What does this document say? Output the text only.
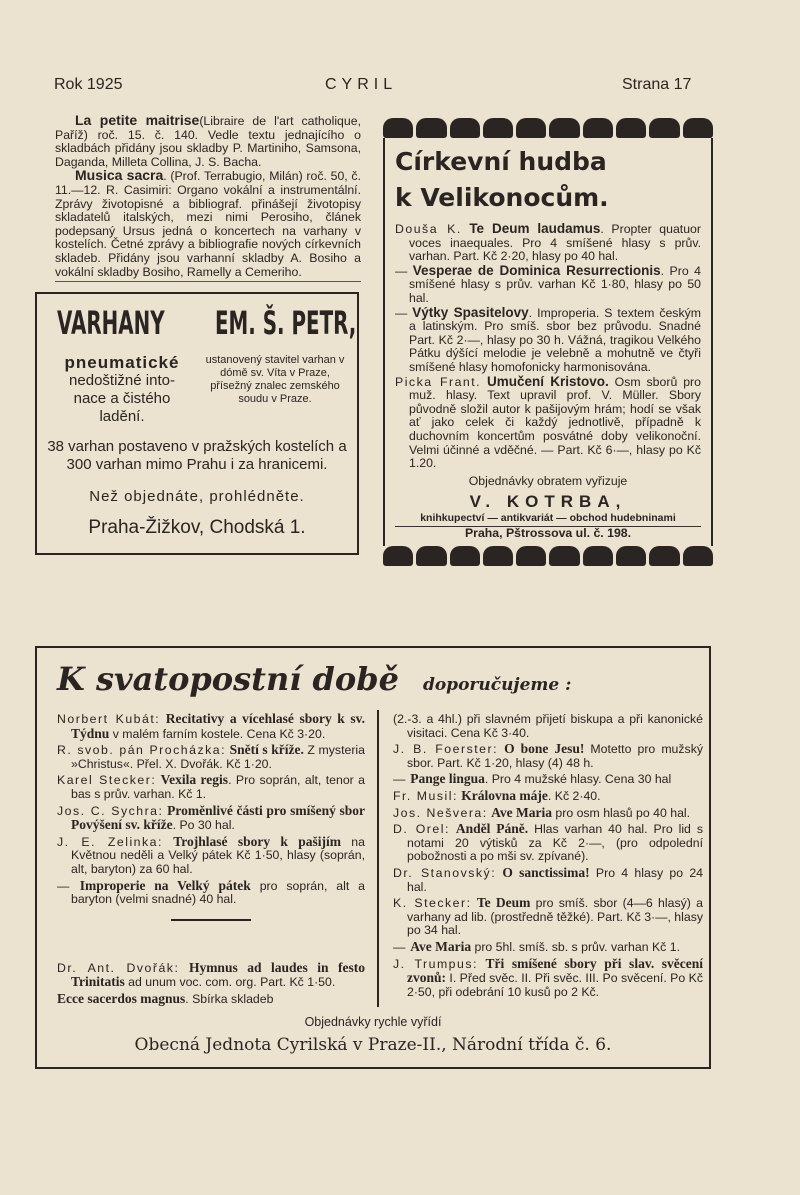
Rok 1925	CYRIL	Strana 17

La petite maitrise(Libraire de l'art catholique, Paříž) roč. 15. č. 140. Vedle textu jednajícího o skladbách přidány jsou skladby P. Martiniho, Samsona, Daganda, Milleta Collina, J. S. Bacha.

Musica sacra. (Prof. Terrabugio, Milán) roč. 50, č. 11.—12. R. Casimiri: Organo vokální a instrumentální. Zprávy životopisné a bibliograf. přinášejí životopisy skladatelů italských, mezi nimi Perosiho, článek podepsaný Ursus jedná o koncertech na varhany v kostelích. Četné zprávy a bibliografie nových církevních skladeb. Přidány jsou varhanní skladby A. Bosiho a vokální skladby Bosiho, Ramelly a Cemeriho.

VARHANY	EM. Š. PETR,
pneumatické
nedoštižné into-
nace a čistého
ladění.
ustanovený stavitel varhan v dómě sv. Víta v Praze, přísežný znalec zemského soudu v Praze.
38 varhan postaveno v pražských kostelích a 300 varhan mimo Prahu i za hranicemi.
Než objednáte, prohlédněte.
Praha-Žižkov, Chodská 1.
Církevní hudba k Velikonocům.

Douša K. Te Deum laudamus. Propter quatuor voces inaequales. Pro 4 smíšené hlasy s prův. varhan. Part. Kč 2·20, hlasy po 40 hal.

— Vesperae de Dominica Resurrectionis. Pro 4 smíšené hlasy s prův. varhan Kč 1·80, hlasy po 50 hal.

— Výtky Spasitelovy. Improperia. S textem českým a latinským. Pro smíš. sbor bez průvodu. Snadné Part. Kč 2·—, hlasy po 30 h. Vážná, tragikou Velkého Pátku dýšící melodie je velebně a mohutně ve čtyři smíšené hlasy homofonicky harmonisována.

Picka Frant. Umučení Kristovo. Osm sborů pro muž. hlasy. Text upravil prof. V. Müller. Sbory původně složil autor k pašijovým hrám; hodí se však ať jako celek či každý jednotlivě, případně k duchovním koncertům posvátné doby velikonoční. Velmi účinné a vděčné. — Part. Kč 6·—, hlasy po Kč 1.20.

Objednávky obratem vyřizuje

V. KOTRBA,

knihkupectví — antikvariát — obchod hudebninami

Praha, Pštrossova ul. č. 198.

K svatopostní době doporučujeme :

Norbert Kubát: Recitativy a vícehlasé sbory k sv. Týdnu v malém farním kostele. Cena Kč 3·20.

R. svob. pán Procházka: Snětí s kříže. Z mysteria »Christus«. Přel. X. Dvořák. Kč 1·20.

Karel Stecker: Vexila regis. Pro soprán, alt, tenor a bas s prův. varhan. Kč 1.

Jos. C. Sychra: Proměnlivé části pro smíšený sbor Povýšení sv. kříže. Po 30 hal.

J. E. Zelinka: Trojhlasé sbory k pašijím na Květnou neděli a Velký pátek Kč 1·50, hlasy (soprán, alt, baryton) za 60 hal.

— Improperie na Velký pátek pro soprán, alt a baryton (velmi snadné) 40 hal.

Dr. Ant. Dvořák: Hymnus ad laudes in festo Trinitatis ad unum voc. com. org. Part. Kč 1·50.

Ecce sacerdos magnus. Sbírka skladeb

(2.-3. a 4hl.) při slavném přijetí biskupa a při kanonické visitaci. Cena Kč 3·40.

J. B. Foerster: O bone Jesu! Motetto pro mužský sbor. Part. Kč 1·20, hlasy (4) 48 h.

— Pange lingua. Pro 4 mužské hlasy. Cena 30 hal

Fr. Musil: Královna máje. Kč 2·40.

Jos. Nešvera: Ave Maria pro osm hlasů po 40 hal.

D. Orel: Anděl Páně. Hlas varhan 40 hal. Pro lid s notami 20 výtisků za Kč 2·—, (pro odpolední pobožnosti a po mši sv. zpívané).

Dr. Stanovský: O sanctissima! Pro 4 hlasy po 24 hal.

K. Stecker: Te Deum pro smíš. sbor (4—6 hlasý) a varhany ad lib. (prostředně těžké). Part. Kč 3·—, hlasy po 34 hal.

— Ave Maria pro 5hl. smíš. sb. s prův. varhan Kč 1.

J. Trumpus: Tři smíšené sbory při slav. svěcení zvonů: I. Před svěc. II. Při svěc. III. Po svěcení. Po Kč 2·50, při odebrání 10 kusů po 2 Kč.

Objednávky rychle vyřídí
Obecná Jednota Cyrilská v Praze-II., Národní třída č. 6.
